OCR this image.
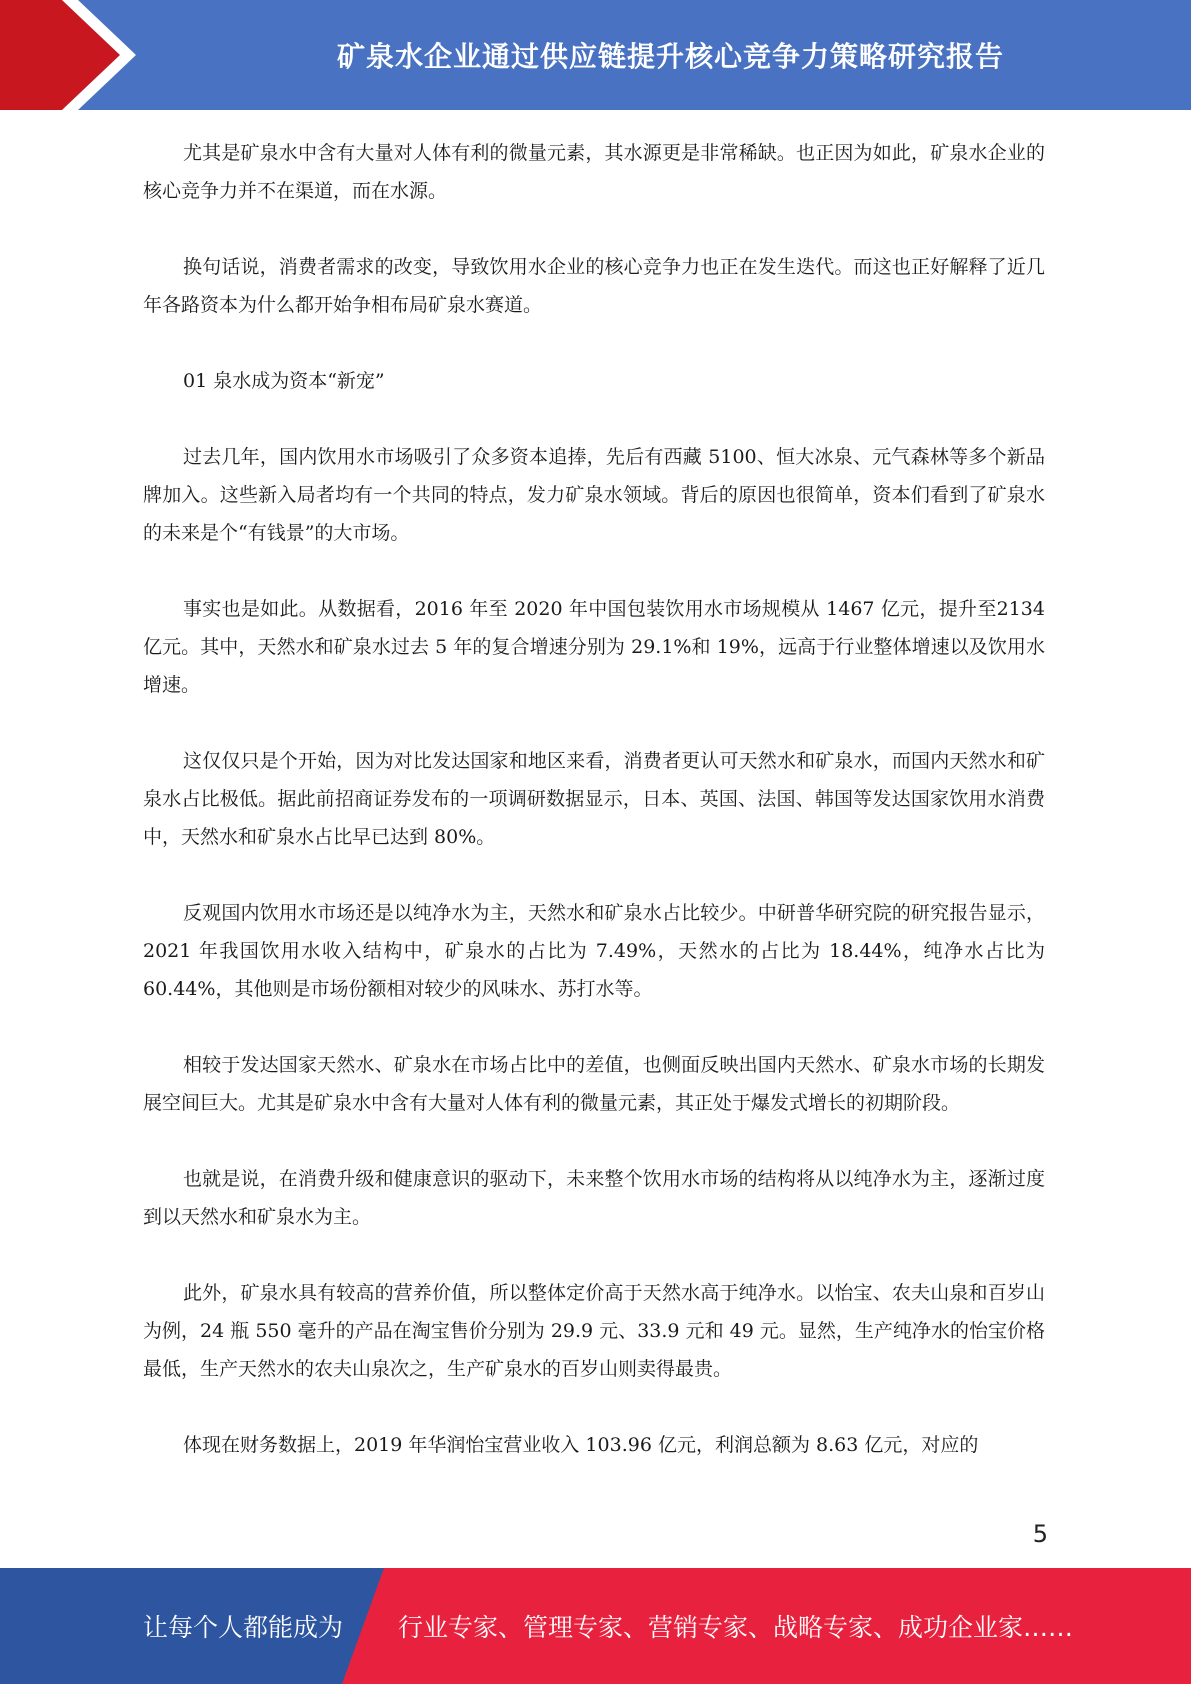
矿泉水企业通过供应链提升核心竞争力策略研究报告

尤其是矿泉水中含有大量对人体有利的微量元素，其水源更是非常稀缺。也正因为如此，矿泉水企业的核心竞争力并不在渠道，而在水源。

换句话说，消费者需求的改变，导致饮用水企业的核心竞争力也正在发生迭代。而这也正好解释了近几年各路资本为什么都开始争相布局矿泉水赛道。

01 泉水成为资本“新宠”

过去几年，国内饮用水市场吸引了众多资本追捧，先后有西藏 5100、恒大冰泉、元气森林等多个新品牌加入。这些新入局者均有一个共同的特点，发力矿泉水领域。背后的原因也很简单，资本们看到了矿泉水的未来是个“有钱景”的大市场。

事实也是如此。从数据看，2016 年至 2020 年中国包装饮用水市场规模从 1467 亿元，提升至2134 亿元。其中，天然水和矿泉水过去 5 年的复合增速分别为 29.1%和 19%，远高于行业整体增速以及饮用水增速。

这仅仅只是个开始，因为对比发达国家和地区来看，消费者更认可天然水和矿泉水，而国内天然水和矿泉水占比极低。据此前招商证券发布的一项调研数据显示，日本、英国、法国、韩国等发达国家饮用水消费中，天然水和矿泉水占比早已达到 80%。

反观国内饮用水市场还是以纯净水为主，天然水和矿泉水占比较少。中研普华研究院的研究报告显示，2021 年我国饮用水收入结构中，矿泉水的占比为 7.49%，天然水的占比为 18.44%，纯净水占比为 60.44%，其他则是市场份额相对较少的风味水、苏打水等。

相较于发达国家天然水、矿泉水在市场占比中的差值，也侧面反映出国内天然水、矿泉水市场的长期发展空间巨大。尤其是矿泉水中含有大量对人体有利的微量元素，其正处于爆发式增长的初期阶段。

也就是说，在消费升级和健康意识的驱动下，未来整个饮用水市场的结构将从以纯净水为主，逐渐过度到以天然水和矿泉水为主。

此外，矿泉水具有较高的营养价值，所以整体定价高于天然水高于纯净水。以怡宝、农夫山泉和百岁山为例，24 瓶 550 毫升的产品在淘宝售价分别为 29.9 元、33.9 元和 49 元。显然，生产纯净水的怡宝价格最低，生产天然水的农夫山泉次之，生产矿泉水的百岁山则卖得最贵。

体现在财务数据上，2019 年华润怡宝营业收入 103.96 亿元，利润总额为 8.63 亿元，对应的

5
让每个人都能成为 行业专家、管理专家、营销专家、战略专家、成功企业家……
